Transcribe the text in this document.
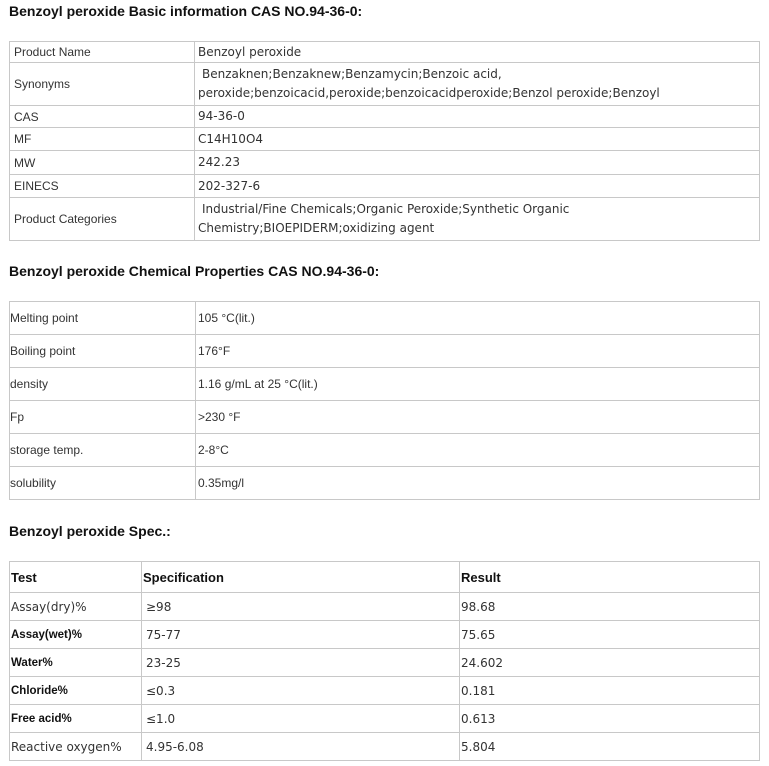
Benzoyl peroxide Basic information CAS NO.94-36-0:
Product Name	Benzoyl peroxide
Synonyms	Benzaknen;Benzaknew;Benzamycin;Benzoic acid,
peroxide;benzoicacid,peroxide;benzoicacidperoxide;Benzol peroxide;Benzoyl

CAS	94-36-0
MF	C14H10O4
MW	242.23
EINECS	202-327-6
Product Categories	Industrial/Fine Chemicals;Organic Peroxide;Synthetic Organic
Chemistry;BIOEPIDERM;oxidizing agent
Benzoyl peroxide Chemical Properties CAS NO.94-36-0:
Melting point	105 °C(lit.)
Boiling point	176°F
density	1.16 g/mL at 25 °C(lit.)
Fp	>230 °F
storage temp.	2-8°C
solubility	0.35mg/l
Benzoyl peroxide Spec.:
Test	Specification	Result
Assay(dry)%	≥98	98.68
Assay(wet)%	75-77	75.65
Water%	23-25	24.602
Chloride%	≤0.3	0.181
Free acid%	≤1.0	0.613
Reactive oxygen%	4.95-6.08	5.804
